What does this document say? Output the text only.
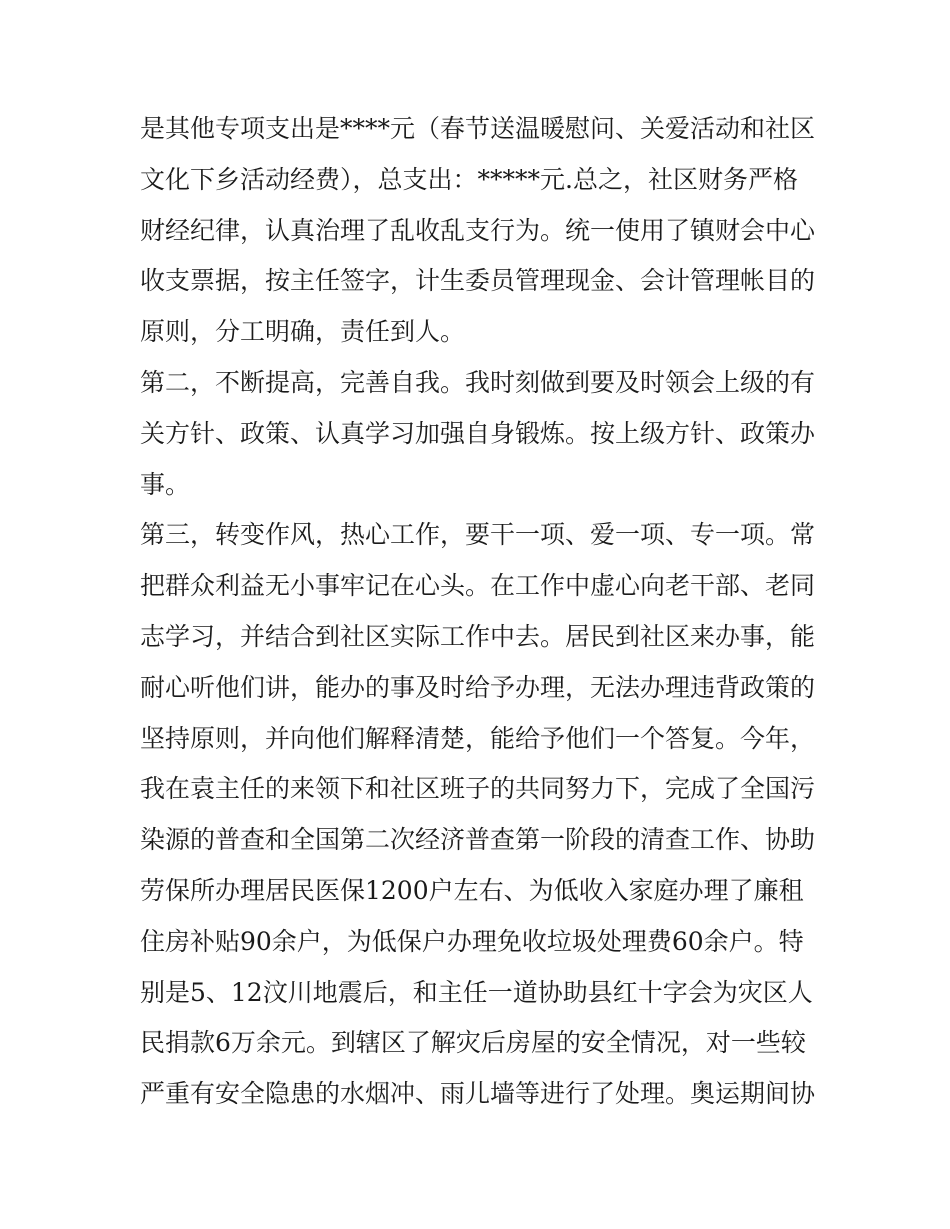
是其他专项支出是****元（春节送温暖慰问、关爱活动和社区
文化下乡活动经费），总支出：*****元.总之，社区财务严格
财经纪律，认真治理了乱收乱支行为。统一使用了镇财会中心
收支票据，按主任签字，计生委员管理现金、会计管理帐目的
原则，分工明确，责任到人。
第二，不断提高，完善自我。我时刻做到要及时领会上级的有
关方针、政策、认真学习加强自身锻炼。按上级方针、政策办
事。
第三，转变作风，热心工作，要干一项、爱一项、专一项。常
把群众利益无小事牢记在心头。在工作中虚心向老干部、老同
志学习，并结合到社区实际工作中去。居民到社区来办事，能
耐心听他们讲，能办的事及时给予办理，无法办理违背政策的
坚持原则，并向他们解释清楚，能给予他们一个答复。今年，
我在袁主任的来领下和社区班子的共同努力下，完成了全国污
染源的普查和全国第二次经济普查第一阶段的清查工作、协助
劳保所办理居民医保1200户左右、为低收入家庭办理了廉租
住房补贴90余户，为低保户办理免收垃圾处理费60余户。特
别是5、12汶川地震后，和主任一道协助县红十字会为灾区人
民捐款6万余元。到辖区了解灾后房屋的安全情况，对一些较
严重有安全隐患的水烟冲、雨儿墙等进行了处理。奥运期间协
